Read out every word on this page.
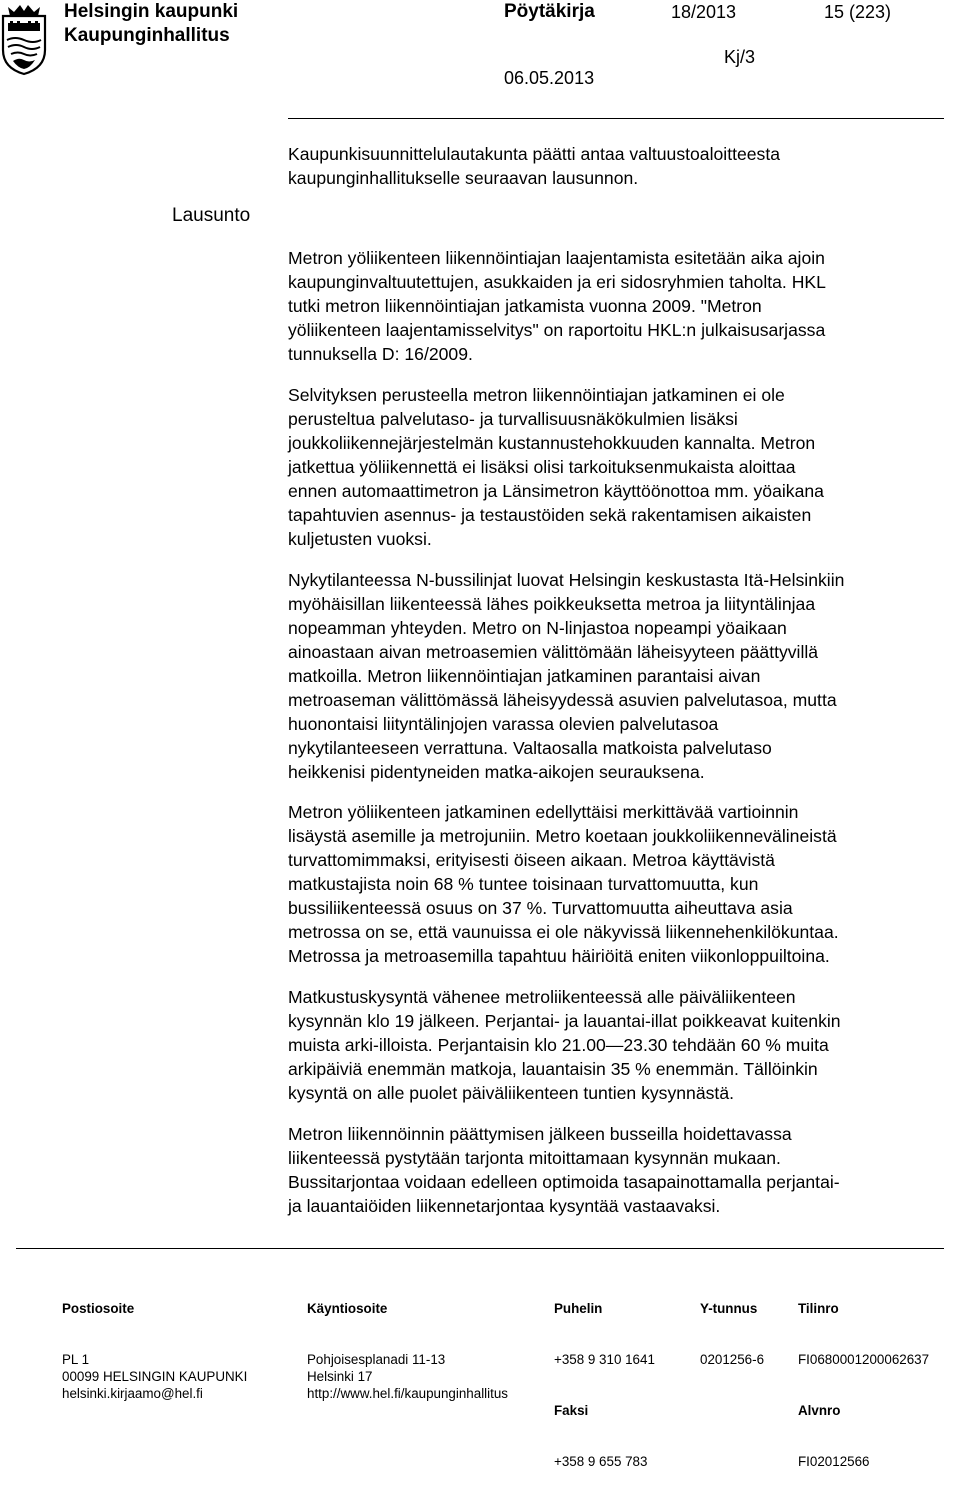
Helsingin kaupunki
Kaupunginhallitus
Pöytäkirja	18/2013	15 (223)
Kj/3
06.05.2013
Lausunto
Kaupunkisuunnittelulautakunta päätti antaa valtuustoaloitteesta
kaupunginhallitukselle seuraavan lausunnon.
Metron yöliikenteen liikennöintiajan laajentamista esitetään aika ajoin
kaupunginvaltuutettujen, asukkaiden ja eri sidosryhmien taholta. HKL
tutki metron liikennöintiajan jatkamista vuonna 2009. "Metron
yöliikenteen laajentamisselvitys" on raportoitu HKL:n julkaisusarjassa
tunnuksella D: 16/2009.
Selvityksen perusteella metron liikennöintiajan jatkaminen ei ole
perusteltua palvelutaso- ja turvallisuusnäkökulmien lisäksi
joukkoliikennejärjestelmän kustannustehokkuuden kannalta. Metron
jatkettua yöliikennettä ei lisäksi olisi tarkoituksenmukaista aloittaa
ennen automaattimetron ja Länsimetron käyttöönottoa mm. yöaikana
tapahtuvien asennus- ja testaustöiden sekä rakentamisen aikaisten
kuljetusten vuoksi.
Nykytilanteessa N-bussilinjat luovat Helsingin keskustasta Itä-Helsinkiin
myöhäisillan liikenteessä lähes poikkeuksetta metroa ja liityntälinjaa
nopeamman yhteyden. Metro on N-linjastoa nopeampi yöaikaan
ainoastaan aivan metroasemien välittömään läheisyyteen päättyvillä
matkoilla. Metron liikennöintiajan jatkaminen parantaisi aivan
metroaseman välittömässä läheisyydessä asuvien palvelutasoa, mutta
huonontaisi liityntälinjojen varassa olevien palvelutasoa
nykytilanteeseen verrattuna. Valtaosalla matkoista palvelutaso
heikkenisi pidentyneiden matka-aikojen seurauksena.
Metron yöliikenteen jatkaminen edellyttäisi merkittävää vartioinnin
lisäystä asemille ja metrojuniin. Metro koetaan joukkoliikennevälineistä
turvattomimmaksi, erityisesti öiseen aikaan. Metroa käyttävistä
matkustajista noin 68 % tuntee toisinaan turvattomuutta, kun
bussiliikenteessä osuus on 37 %. Turvattomuutta aiheuttava asia
metrossa on se, että vaunuissa ei ole näkyvissä liikennehenkilökuntaa.
Metrossa ja metroasemilla tapahtuu häiriöitä eniten viikonloppuiltoina.
Matkustuskysyntä vähenee metroliikenteessä alle päiväliikenteen
kysynnän klo 19 jälkeen. Perjantai- ja lauantai-illat poikkeavat kuitenkin
muista arki-illoista. Perjantaisin klo 21.00—23.30 tehdään 60 % muita
arkipäiviä enemmän matkoja, lauantaisin 35 % enemmän. Tällöinkin
kysyntä on alle puolet päiväliikenteen tuntien kysynnästä.
Metron liikennöinnin päättymisen jälkeen busseilla hoidettavassa
liikenteessä pystytään tarjonta mitoittamaan kysynnän mukaan.
Bussitarjontaa voidaan edelleen optimoida tasapainottamalla perjantai-
ja lauantaiöiden liikennetarjontaa kysyntää vastaavaksi.

Postiosoite

PL 1
00099 HELSINGIN KAUPUNKI
helsinki.kirjaamo@hel.fi

Käyntiosoite

Pohjoisesplanadi 11-13
Helsinki 17
http://www.hel.fi/kaupunginhallitus

Puhelin

+358 9 310 1641

Faksi

+358 9 655 783

Y-tunnus

0201256-6

Tilinro

FI0680001200062637

Alvnro

FI02012566
